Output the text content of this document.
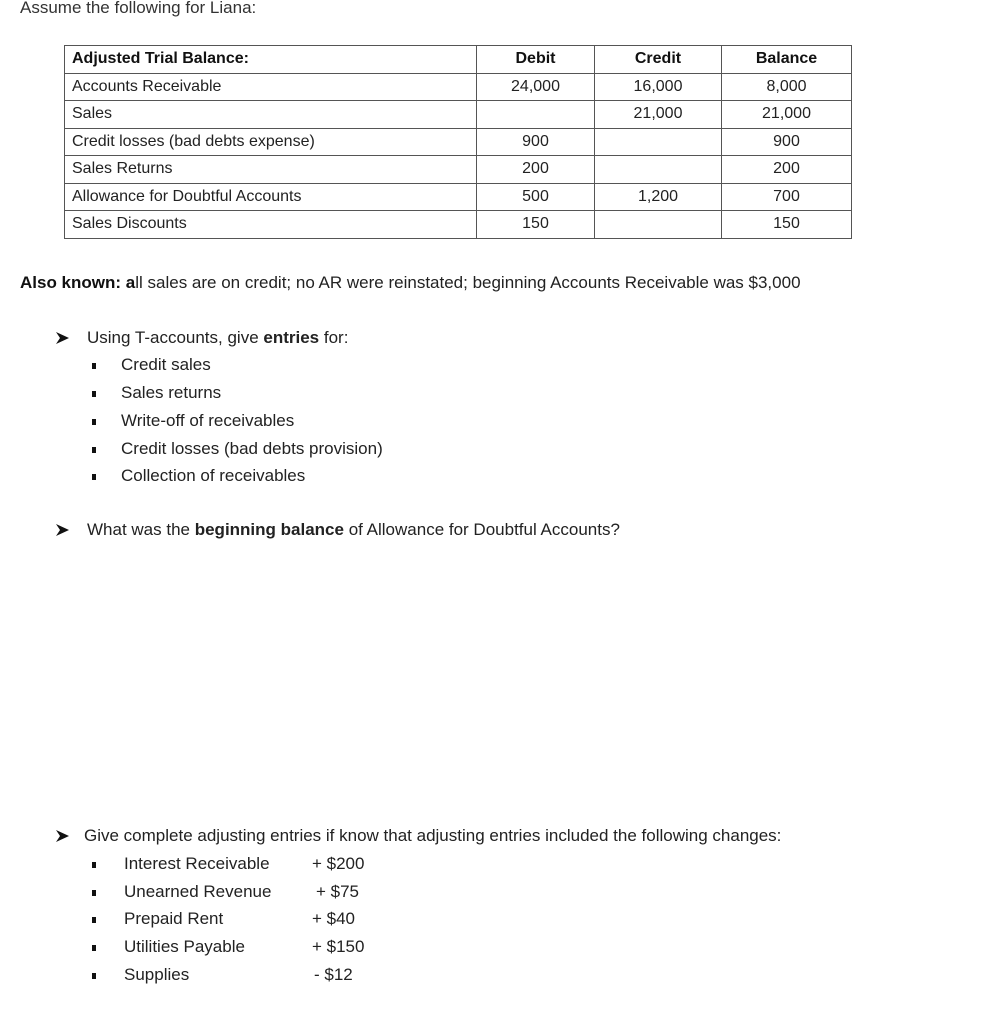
Assume the following for Liana:
Adjusted Trial Balance:	Debit	Credit	Balance
Accounts Receivable	24,000	16,000	8,000
Sales		21,000	21,000
Credit losses (bad debts expense)	900		900
Sales Returns	200		200
Allowance for Doubtful Accounts	500	1,200	700
Sales Discounts	150		150
Also known: all sales are on credit; no AR were reinstated; beginning Accounts Receivable was $3,000
Using T-accounts, give entries for:
Credit sales
Sales returns
Write-off of receivables
Credit losses (bad debts provision)
Collection of receivables
What was the beginning balance of Allowance for Doubtful Accounts?
Give complete adjusting entries if know that adjusting entries included the following changes:
Interest Receivable + $200
Unearned Revenue	+ $75
Prepaid Rent	+ $40
Utilities Payable	+ $150
Supplies	- $12
